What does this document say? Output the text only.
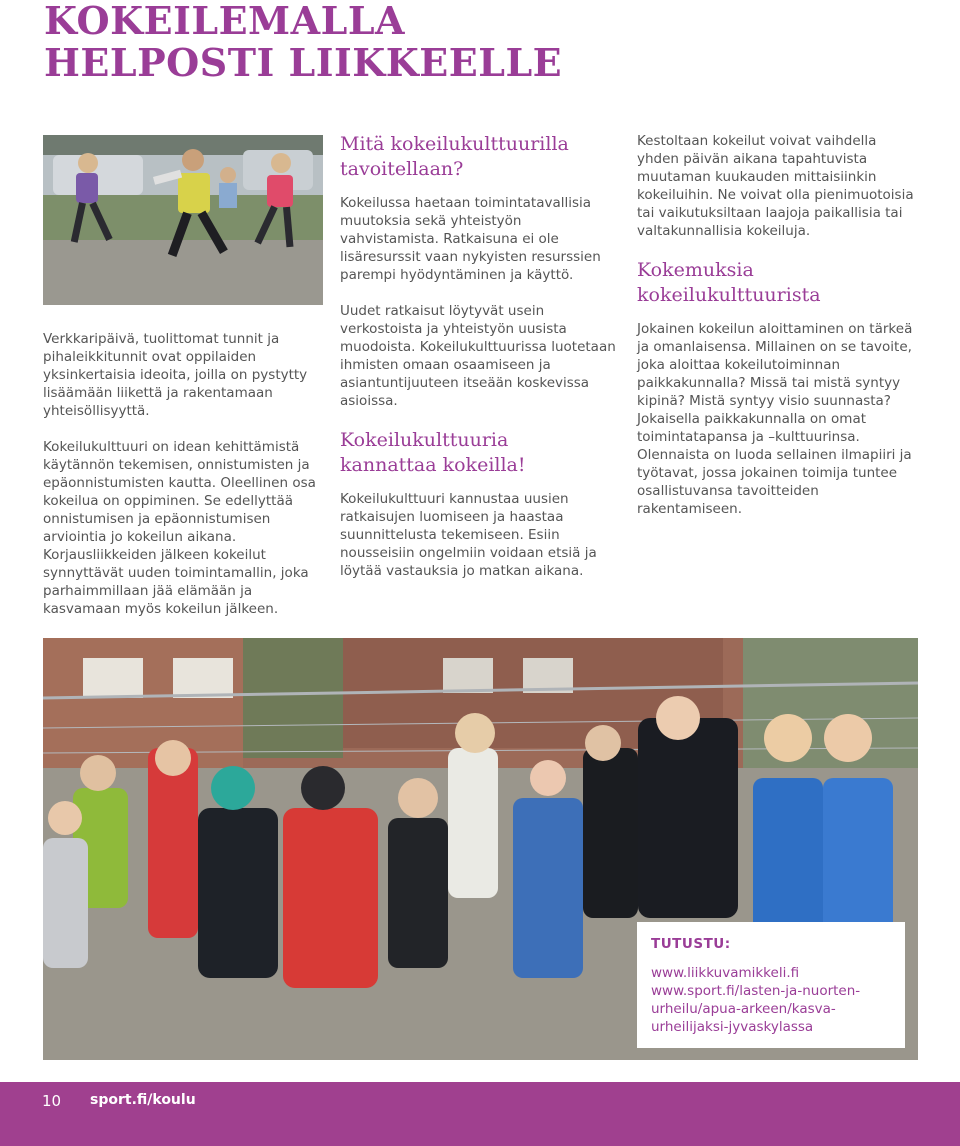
KOKEILEMALLA
HELPOSTI LIIKKEELLE

Verkkaripäivä, tuolittomat tunnit ja pihaleikkitunnit ovat oppilaiden yksinkertaisia ideoita, joilla on pystytty lisäämään liikettä ja rakentamaan yhteisöllisyyttä.

Kokeilukulttuuri on idean kehittämistä käytännön tekemisen, onnistumisten ja epäonnistumisten kautta. Oleellinen osa kokeilua on oppiminen. Se edellyttää onnistumisen ja epäonnistumisen arviointia jo kokeilun aikana. Korjausliikkeiden jälkeen kokeilut synnyttävät uuden toimintamallin, joka parhaimmillaan jää elämään ja kasvamaan myös kokeilun jälkeen.

Mitä kokeilukulttuurilla
tavoitellaan?

Kokeilussa haetaan toimintatavallisia muutoksia sekä yhteistyön vahvistamista. Ratkaisuna ei ole lisäresurssit vaan nykyisten resurssien parempi hyödyntäminen ja käyttö.

Uudet ratkaisut löytyvät usein verkostoista ja yhteistyön uusista muodoista. Kokeilukulttuurissa luotetaan ihmisten omaan osaamiseen ja asiantuntijuuteen itseään koskevissa asioissa.

Kokeilukulttuuria
kannattaa kokeilla!

Kokeilukulttuuri kannustaa uusien ratkaisujen luomiseen ja haastaa suunnittelusta tekemiseen. Esiin nousseisiin ongelmiin voidaan etsiä ja löytää vastauksia jo matkan aikana.

Kestoltaan kokeilut voivat vaihdella yhden päivän aikana tapahtuvista muutaman kuukauden mittaisiinkin kokeiluihin. Ne voivat olla pienimuotoisia tai vaikutuksiltaan laajoja paikallisia tai valtakunnallisia kokeiluja.

Kokemuksia
kokeilukulttuurista

Jokainen kokeilun aloittaminen on tärkeä ja omanlaisensa. Millainen on se tavoite, joka aloittaa kokeilutoiminnan paikkakunnalla? Missä tai mistä syntyy kipinä? Mistä syntyy visio suunnasta? Jokaisella paikkakunnalla on omat toimintatapansa ja –kulttuurinsa. Olennaista on luoda sellainen ilmapiiri ja työtavat, jossa jokainen toimija tuntee osallistuvansa tavoitteiden rakentamiseen.

TUTUSTU:
www.liikkuvamikkeli.fi
www.sport.fi/lasten-ja-nuorten-
urheilu/apua-arkeen/kasva-
urheilijaksi-jyvaskylassa
10 sport.fi/koulu
